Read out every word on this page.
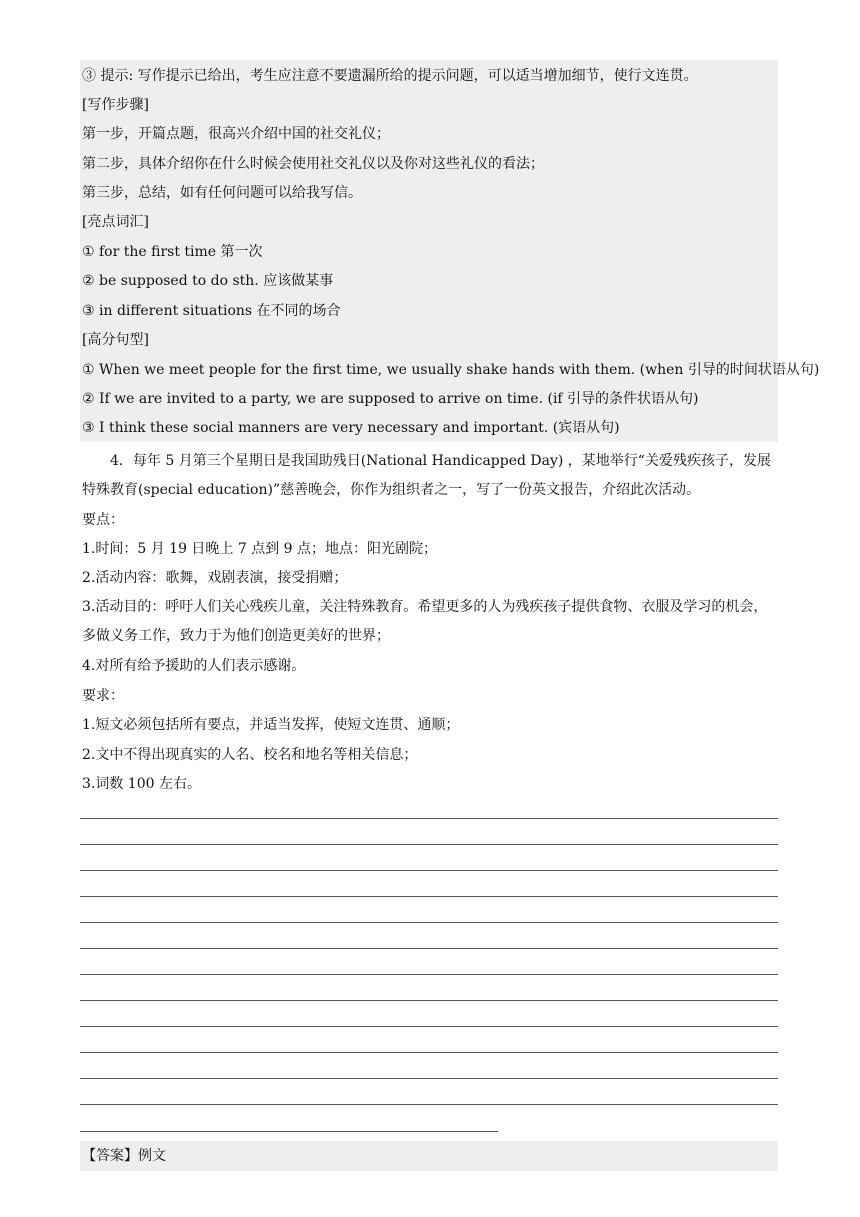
③ 提示: 写作提示已给出，考生应注意不要遗漏所给的提示问题，可以适当增加细节，使行文连贯。
[写作步骤]
第一步，开篇点题，很高兴介绍中国的社交礼仪；
第二步，具体介绍你在什么时候会使用社交礼仪以及你对这些礼仪的看法；
第三步，总结，如有任何问题可以给我写信。
[亮点词汇]
① for the first time 第一次
② be supposed to do sth. 应该做某事
③ in different situations 在不同的场合
[高分句型]
① When we meet people for the first time, we usually shake hands with them. (when 引导的时间状语从句)
② If we are invited to a party, we are supposed to arrive on time. (if 引导的条件状语从句)
③ I think these social manners are very necessary and important. (宾语从句)
4．每年 5 月第三个星期日是我国助残日(National Handicapped Day) ，某地举行“关爱残疾孩子，发展特殊教育(special education)”慈善晚会，你作为组织者之一，写了一份英文报告，介绍此次活动。
要点：
1.时间：5 月 19 日晚上 7 点到 9 点；地点：阳光剧院；
2.活动内容：歌舞，戏剧表演，接受捐赠；
3.活动目的：呼吁人们关心残疾儿童，关注特殊教育。希望更多的人为残疾孩子提供食物、衣服及学习的机会，多做义务工作，致力于为他们创造更美好的世界；
4.对所有给予援助的人们表示感谢。
要求：
1.短文必须包括所有要点，并适当发挥，使短文连贯、通顺；
2.文中不得出现真实的人名、校名和地名等相关信息；
3.词数 100 左右。
【答案】例文
